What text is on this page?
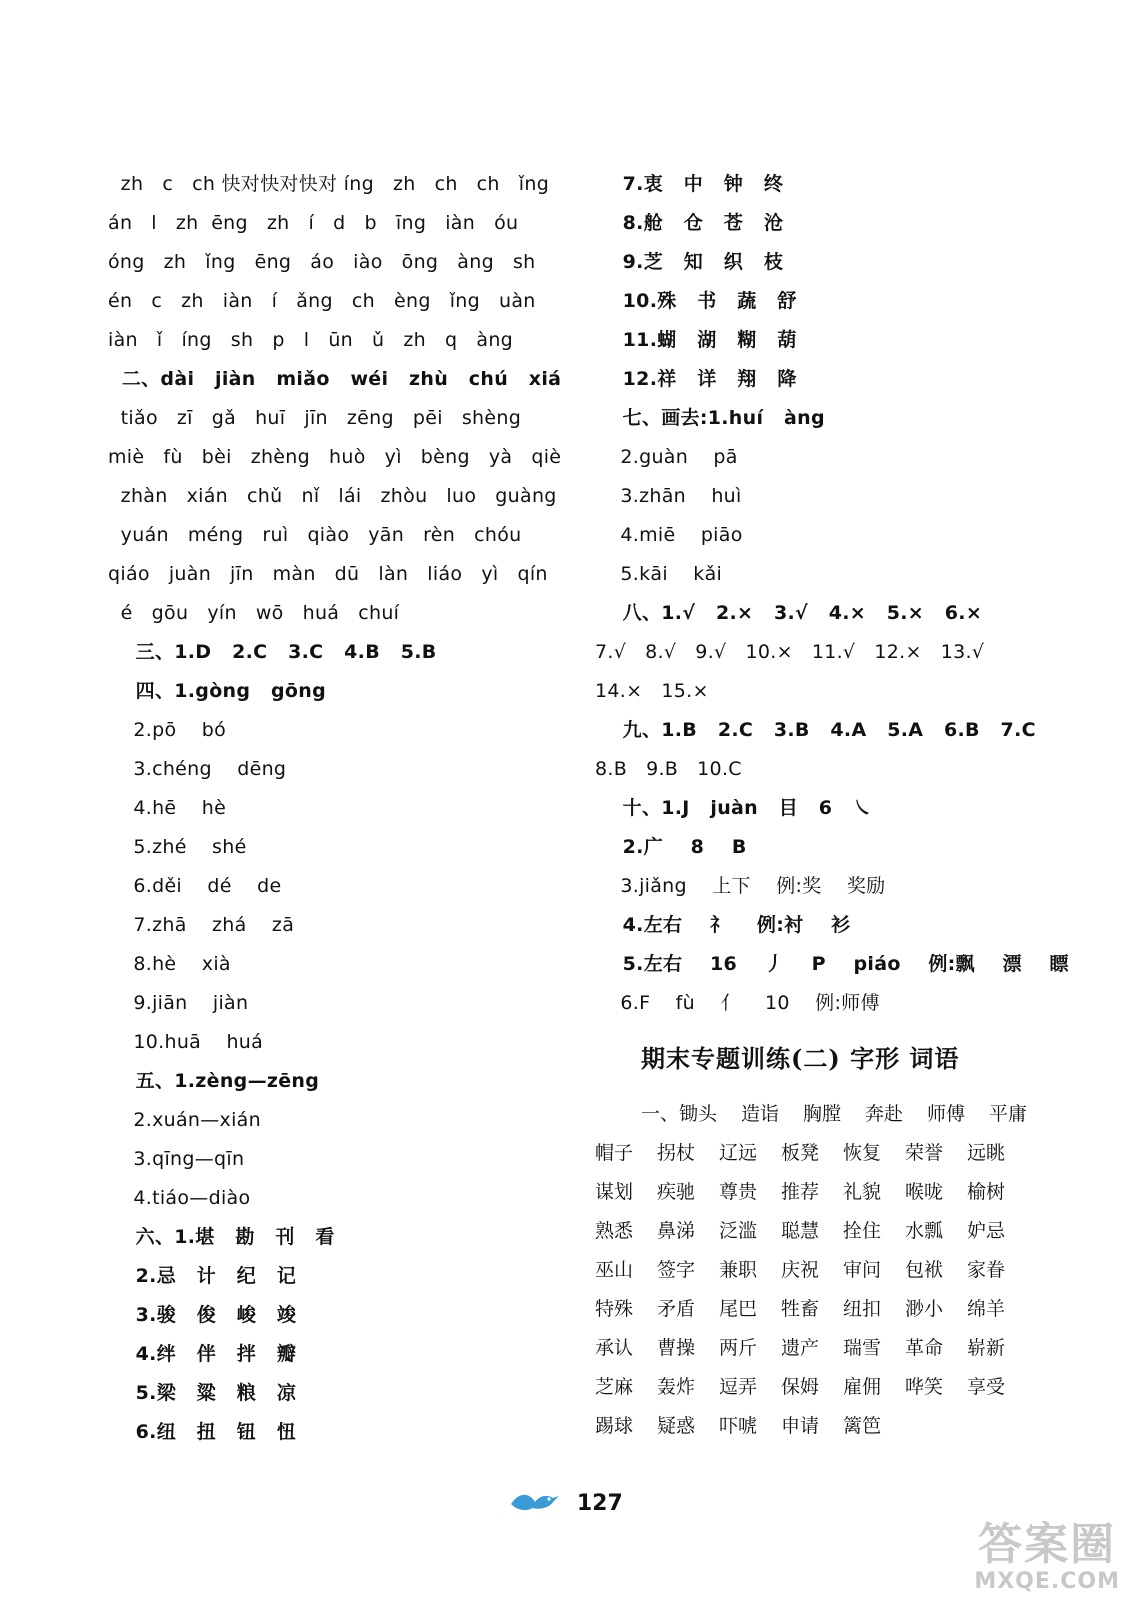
zh   c   ch 快对快对快对 íng   zh   ch   ch   ǐng
án   l   zh  ēng   zh   í   d   b   īng   iàn   óu
óng   zh   ǐng   ēng   áo   iào   ōng   àng   sh
én   c   zh   iàn   í   ǎng   ch   èng   ǐng   uàn
iàn   ǐ   íng   sh   p   l   ūn   ǔ   zh   q   àng
二、dài   jiàn   miǎo   wéi   zhù   chú   xiá
tiǎo   zī   gǎ   huī   jīn   zēng   pēi   shèng
miè   fù   bèi   zhèng   huò   yì   bèng   yà   qiè
zhàn   xián   chǔ   nǐ   lái   zhòu   luo   guàng
yuán   méng   ruì   qiào   yān   rèn   chóu
qiáo   juàn   jīn   màn   dū   làn   liáo   yì   qín
é   gōu   yín   wō   huá   chuí
三、1.D   2.C   3.C   4.B   5.B
四、1.gòng   gōng
2.pō    bó
3.chéng    dēng
4.hē    hè
5.zhé    shé
6.děi    dé    de
7.zhā    zhá    zā
8.hè    xià
9.jiān    jiàn
10.huā    huá
五、1.zèng—zēng
2.xuán—xián
3.qīng—qīn
4.tiáo—diào
六、1.堪   勘   刊   看
2.忌   计   纪   记
3.骏   俊   峻   竣
4.绊   伴   拌   瓣
5.梁   粱   粮   凉
6.纽   扭   钮   忸
7.衷   中   钟   终
8.舱   仓   苍   沧
9.芝   知   织   枝
10.殊   书   蔬   舒
11.蝴   湖   糊   葫
12.祥   详   翔   降
七、画去:1.huí   àng
2.guàn    pā
3.zhān    huì
4.miē    piāo
5.kāi    kǎi
八、1.√   2.×   3.√   4.×   5.×   6.×
7.√   8.√   9.√   10.×   11.√   12.×   13.√
14.×   15.×
九、1.B   2.C   3.B   4.A   5.A   6.B   7.C
8.B   9.B   10.C
十、1.J   juàn   目   6   ㇏
2.广    8    B
3.jiǎng    上下    例:奖    奖励
4.左右    礻    例:衬    衫
5.左右    16    丿    P    piáo    例:飘    漂    瞟
6.F    fù    亻    10    例:师傅
期末专题训练(二) 字形 词语
一、锄头 造诣 胸膛 奔赴 师傅 平庸
帽子 拐杖 辽远 板凳 恢复 荣誉 远眺
谋划 疾驰 尊贵 推荐 礼貌 喉咙 榆树
熟悉 鼻涕 泛滥 聪慧 拴住 水瓢 妒忌
巫山 签字 兼职 庆祝 审问 包袱 家眷
特殊 矛盾 尾巴 牲畜 纽扣 渺小 绵羊
承认 曹操 两斤 遗产 瑞雪 革命 崭新
芝麻 轰炸 逗弄 保姆 雇佣 哗笑 享受
踢球 疑惑 吓唬 申请 篱笆
127
答案圈
MXQE.COM
